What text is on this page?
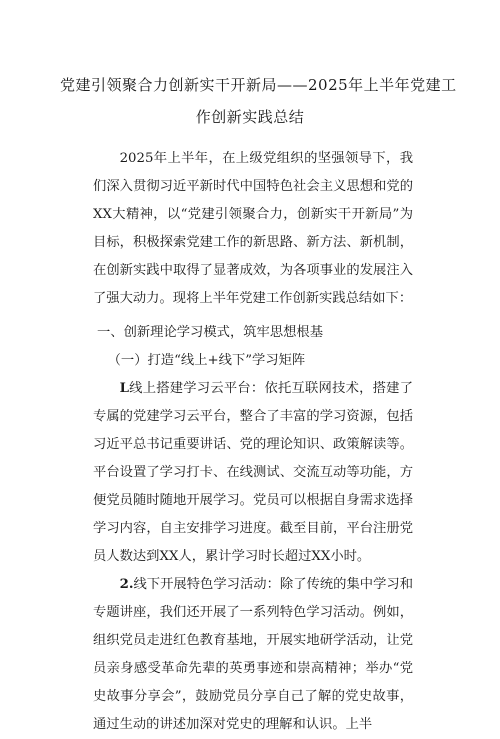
党建引领聚合力创新实干开新局——2025年上半年党建工
作创新实践总结

2025年上半年，在上级党组织的坚强领导下，我们深入贯彻习近平新时代中国特色社会主义思想和党的XX大精神，以“党建引领聚合力，创新实干开新局”为目标，积极探索党建工作的新思路、新方法、新机制，在创新实践中取得了显著成效，为各项事业的发展注入了强大动力。现将上半年党建工作创新实践总结如下：

一、创新理论学习模式，筑牢思想根基

（一）打造“线上+线下”学习矩阵

L线上搭建学习云平台：依托互联网技术，搭建了专属的党建学习云平台，整合了丰富的学习资源，包括习近平总书记重要讲话、党的理论知识、政策解读等。平台设置了学习打卡、在线测试、交流互动等功能，方便党员随时随地开展学习。党员可以根据自身需求选择学习内容，自主安排学习进度。截至目前，平台注册党员人数达到XX人，累计学习时长超过XX小时。

2.线下开展特色学习活动：除了传统的集中学习和专题讲座，我们还开展了一系列特色学习活动。例如，组织党员走进红色教育基地，开展实地研学活动，让党员亲身感受革命先辈的英勇事迹和崇高精神；举办“党史故事分享会”，鼓励党员分享自己了解的党史故事，通过生动的讲述加深对党史的理解和认识。上半
